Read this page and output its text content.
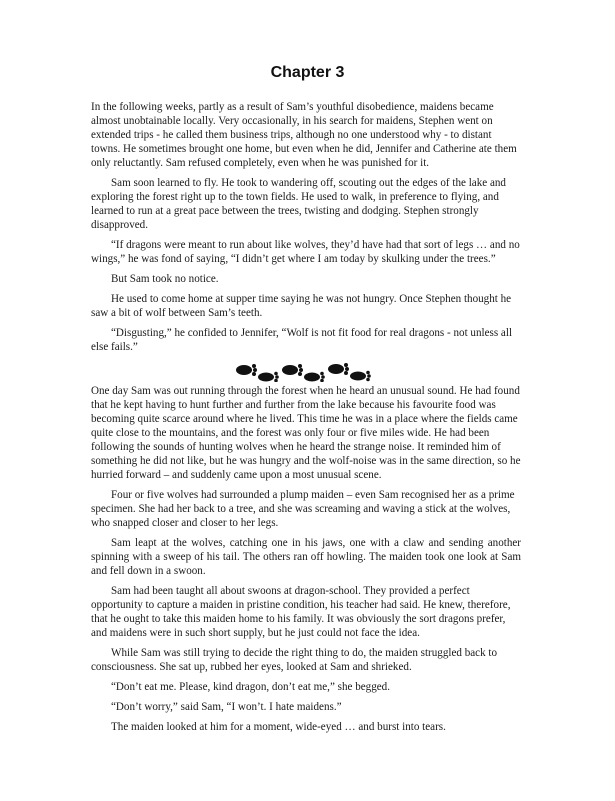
Chapter 3

In the following weeks, partly as a result of Sam’s youthful disobedience, maidens became almost unobtainable locally. Very occasionally, in his search for maidens, Stephen went on extended trips - he called them business trips, although no one understood why - to distant towns. He sometimes brought one home, but even when he did, Jennifer and Catherine ate them only reluctantly. Sam refused completely, even when he was punished for it.

Sam soon learned to fly. He took to wandering off, scouting out the edges of the lake and exploring the forest right up to the town fields. He used to walk, in preference to flying, and learned to run at a great pace between the trees, twisting and dodging. Stephen strongly disapproved.

“If dragons were meant to run about like wolves, they’d have had that sort of legs … and no wings,” he was fond of saying, “I didn’t get where I am today by skulking under the trees.”

But Sam took no notice.

He used to come home at supper time saying he was not hungry. Once Stephen thought he saw a bit of wolf between Sam’s teeth.

“Disgusting,” he confided to Jennifer, “Wolf is not fit food for real dragons - not unless all else fails.”

One day Sam was out running through the forest when he heard an unusual sound. He had found that he kept having to hunt further and further from the lake because his favourite food was becoming quite scarce around where he lived. This time he was in a place where the fields came quite close to the mountains, and the forest was only four or five miles wide. He had been following the sounds of hunting wolves when he heard the strange noise. It reminded him of something he did not like, but he was hungry and the wolf-noise was in the same direction, so he hurried forward – and suddenly came upon a most unusual scene.

Four or five wolves had surrounded a plump maiden – even Sam recognised her as a prime specimen. She had her back to a tree, and she was screaming and waving a stick at the wolves, who snapped closer and closer to her legs.

Sam leapt at the wolves, catching one in his jaws, one with a claw and sending another spinning with a sweep of his tail. The others ran off howling. The maiden took one look at Sam and fell down in a swoon.

Sam had been taught all about swoons at dragon-school. They provided a perfect opportunity to capture a maiden in pristine condition, his teacher had said. He knew, therefore, that he ought to take this maiden home to his family. It was obviously the sort dragons prefer, and maidens were in such short supply, but he just could not face the idea.

While Sam was still trying to decide the right thing to do, the maiden struggled back to consciousness. She sat up, rubbed her eyes, looked at Sam and shrieked.

“Don’t eat me. Please, kind dragon, don’t eat me,” she begged.

“Don’t worry,” said Sam, “I won’t. I hate maidens.”

The maiden looked at him for a moment, wide-eyed … and burst into tears.
